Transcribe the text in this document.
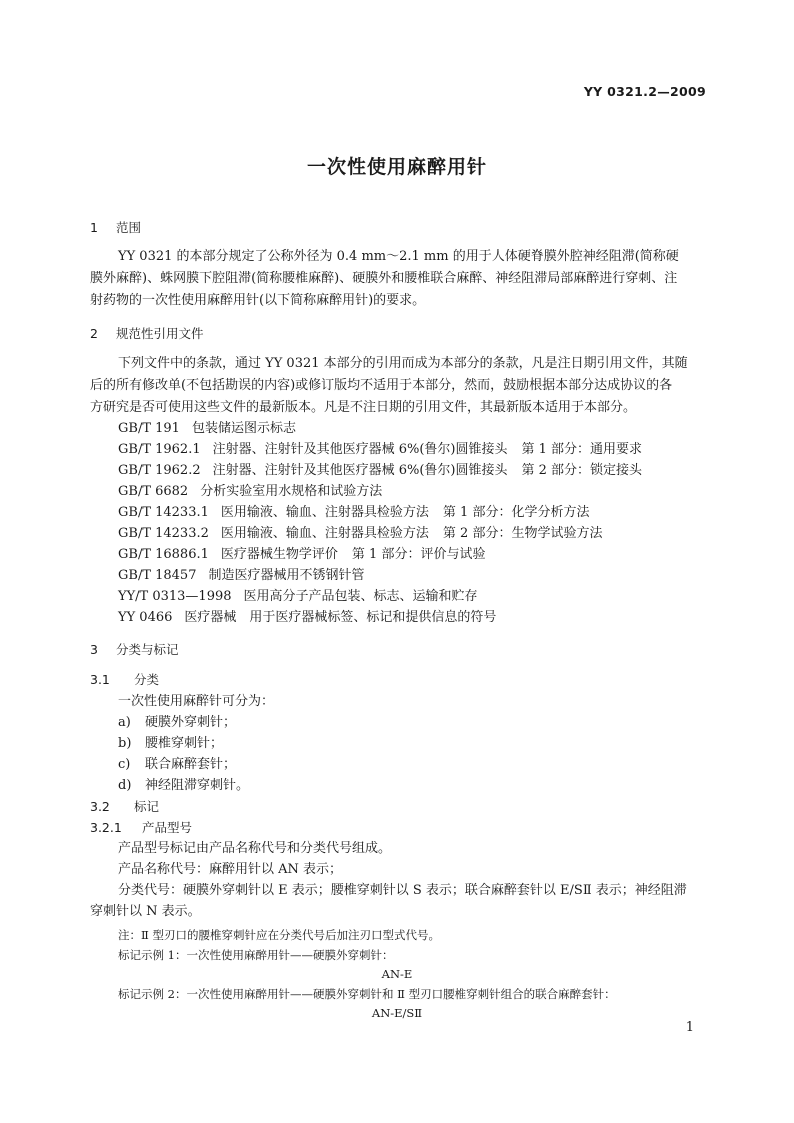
YY 0321.2—2009
一次性使用麻醉用针
1 范围
YY 0321 的本部分规定了公称外径为 0.4 mm～2.1 mm 的用于人体硬脊膜外腔神经阻滞(简称硬
膜外麻醉)、蛛网膜下腔阻滞(简称腰椎麻醉)、硬膜外和腰椎联合麻醉、神经阻滞局部麻醉进行穿刺、注
射药物的一次性使用麻醉用针(以下简称麻醉用针)的要求。
2 规范性引用文件
下列文件中的条款，通过 YY 0321 本部分的引用而成为本部分的条款，凡是注日期引用文件，其随
后的所有修改单(不包括勘误的内容)或修订版均不适用于本部分，然而，鼓励根据本部分达成协议的各
方研究是否可使用这些文件的最新版本。凡是不注日期的引用文件，其最新版本适用于本部分。
GB/T 191 包装储运图示标志
GB/T 1962.1 注射器、注射针及其他医疗器械 6%(鲁尔)圆锥接头 第 1 部分：通用要求
GB/T 1962.2 注射器、注射针及其他医疗器械 6%(鲁尔)圆锥接头 第 2 部分：锁定接头
GB/T 6682 分析实验室用水规格和试验方法
GB/T 14233.1 医用输液、输血、注射器具检验方法 第 1 部分：化学分析方法
GB/T 14233.2 医用输液、输血、注射器具检验方法 第 2 部分：生物学试验方法
GB/T 16886.1 医疗器械生物学评价 第 1 部分：评价与试验
GB/T 18457 制造医疗器械用不锈钢针管
YY/T 0313—1998 医用高分子产品包装、标志、运输和贮存
YY 0466 医疗器械　用于医疗器械标签、标记和提供信息的符号
3 分类与标记
3.1 分类
一次性使用麻醉针可分为：
a) 硬膜外穿刺针；
b) 腰椎穿刺针；
c) 联合麻醉套针；
d) 神经阻滞穿刺针。
3.2 标记
3.2.1 产品型号
产品型号标记由产品名称代号和分类代号组成。
产品名称代号：麻醉用针以 AN 表示；
分类代号：硬膜外穿刺针以 E 表示；腰椎穿刺针以 S 表示；联合麻醉套针以 E/SⅡ 表示；神经阻滞
穿刺针以 N 表示。
注：Ⅱ 型刃口的腰椎穿刺针应在分类代号后加注刃口型式代号。
标记示例 1：一次性使用麻醉用针——硬膜外穿刺针：
AN-E
标记示例 2：一次性使用麻醉用针——硬膜外穿刺针和 Ⅱ 型刃口腰椎穿刺针组合的联合麻醉套针：
AN-E/SⅡ
1
